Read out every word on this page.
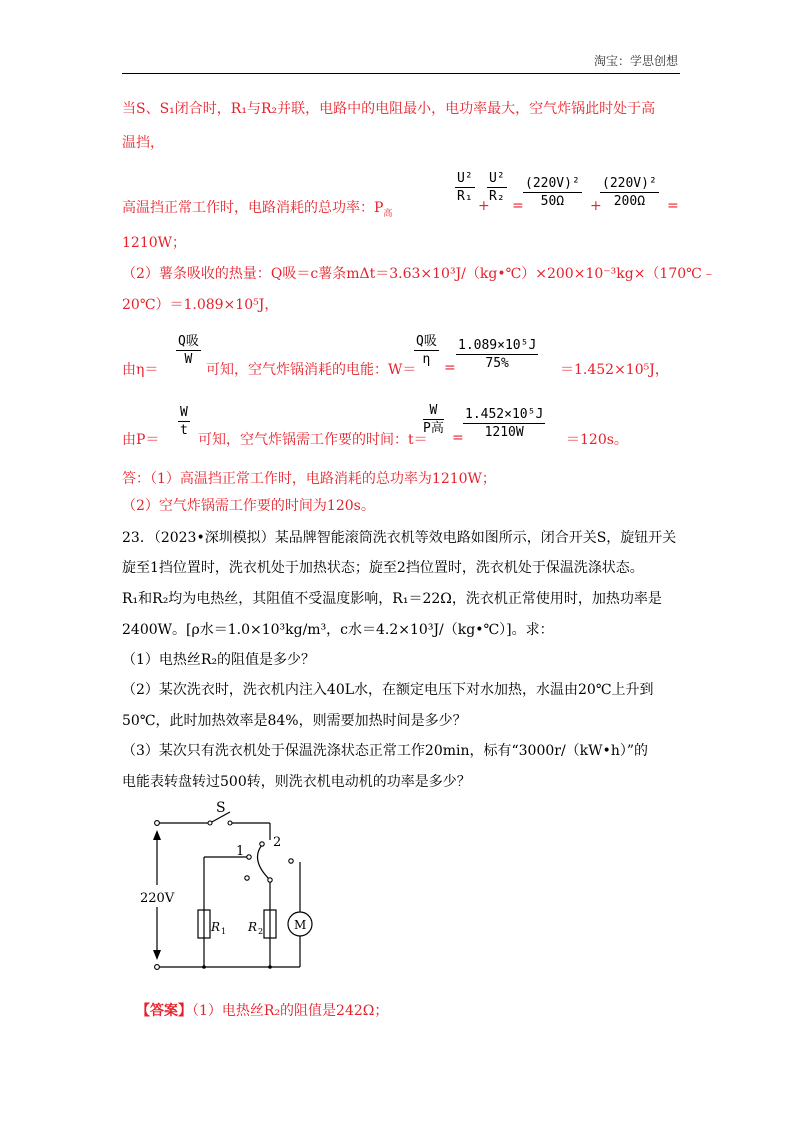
淘宝：学思创想
当S、S₁闭合时，R₁与R₂并联，电路中的电阻最小，电功率最大，空气炸锅此时处于高
温挡，
高温挡正常工作时，电路消耗的总功率：$P_高$
$\frac{\text{U²}}{\text{R₁}}$
+
$\frac{\text{U²}}{\text{R₂}}$
= $\frac{\text{(220V)²}}{50\Omega}$ +
$\frac{\text{(220V)²}}{200\Omega}$ =
1210W；
（2）薯条吸收的热量：Q吸＝c薯条mΔt＝3.63×10³J/（kg•℃）×200×10⁻³kg×（170℃﹣
20℃）＝1.089×10⁵J，
由η＝
Q吸
W
可知，空气炸锅消耗的电能：W＝
Q吸
η
= $\frac{\text{1.089×10⁵J}}{75\%} =1.452\times 10^5J$，
由P＝
$\frac{W}{t}$
可知，空气炸锅需工作要的时间：t＝
W
P高
= $\frac{\text{1.452×10⁵J}}{1210W} =120s$。
答：（1）高温挡正常工作时，电路消耗的总功率为1210W；
（2）空气炸锅需工作要的时间为120s。
23．（2023•深圳模拟）某品牌智能滚筒洗衣机等效电路如图所示，闭合开关S，旋钮开关
旋至1挡位置时，洗衣机处于加热状态；旋至2挡位置时，洗衣机处于保温洗涤状态。
R₁和R₂均为电热丝，其阻值不受温度影响，R₁＝22Ω，洗衣机正常使用时，加热功率是
2400W。[ρ水＝1.0×10³kg/m³，c水＝4.2×10³J/（kg•℃）]。求：
（1）电热丝R₂的阻值是多少？
（2）某次洗衣时，洗衣机内注入40L水，在额定电压下对水加热，水温由20℃上升到
50℃，此时加热效率是84%，则需要加热时间是多少？
（3）某次只有洗衣机处于保温洗涤状态正常工作20min，标有“3000r/（kW•h）”的
电能表转盘转过500转，则洗衣机电动机的功率是多少？
S
1
2
220V
R 1 R 2	M
【答案】（1）电热丝R₂的阻值是242Ω；
